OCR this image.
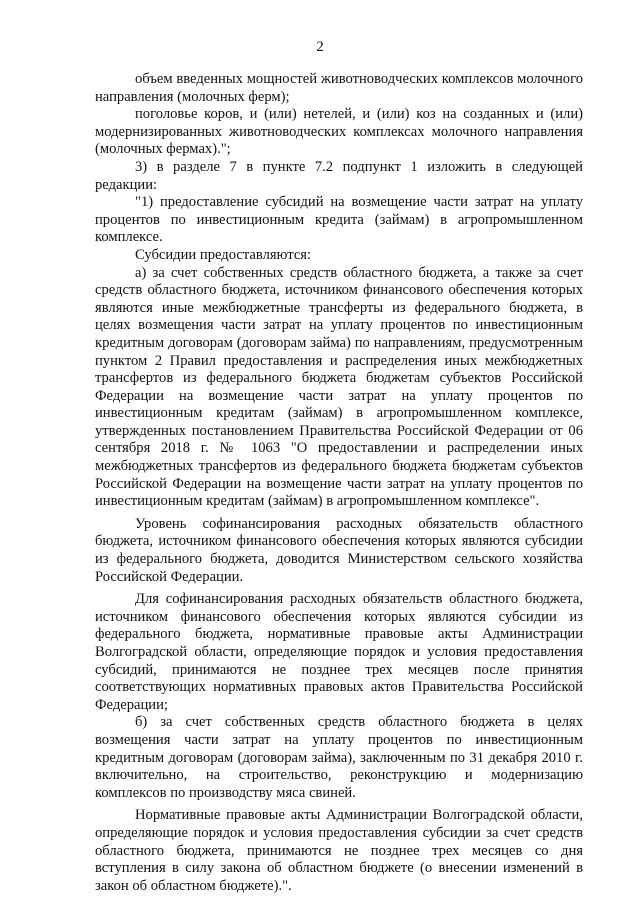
2

объем введенных мощностей животноводческих комплексов молочного направления (молочных ферм);

поголовье коров, и (или) нетелей, и (или) коз на созданных и (или) модернизированных животноводческих комплексах молочного направления (молочных фермах).";

3) в разделе 7 в пункте 7.2 подпункт 1 изложить в следующей редакции:

"1) предоставление субсидий на возмещение части затрат на уплату процентов по инвестиционным кредита (займам) в агропромышленном комплексе.

Субсидии предоставляются:

а) за счет собственных средств областного бюджета, а также за счет средств областного бюджета, источником финансового обеспечения которых являются иные межбюджетные трансферты из федерального бюджета, в целях возмещения части затрат на уплату процентов по инвестиционным кредитным договорам (договорам займа) по направлениям, предусмотренным пунктом 2 Правил предоставления и распределения иных межбюджетных трансфертов из федерального бюджета бюджетам субъектов Российской Федерации на возмещение части затрат на уплату процентов по инвестиционным кредитам (займам) в агропромышленном комплексе, утвержденных постановлением Правительства Российской Федерации от 06 сентября 2018 г. № 1063 "О предоставлении и распределении иных межбюджетных трансфертов из федерального бюджета бюджетам субъектов Российской Федерации на возмещение части затрат на уплату процентов по инвестиционным кредитам (займам) в агропромышленном комплексе".

Уровень софинансирования расходных обязательств областного бюджета, источником финансового обеспечения которых являются субсидии из федерального бюджета, доводится Министерством сельского хозяйства Российской Федерации.

Для софинансирования расходных обязательств областного бюджета, источником финансового обеспечения которых являются субсидии из федерального бюджета, нормативные правовые акты Администрации Волгоградской области, определяющие порядок и условия предоставления субсидий, принимаются не позднее трех месяцев после принятия соответствующих нормативных правовых актов Правительства Российской Федерации;

б) за счет собственных средств областного бюджета в целях возмещения части затрат на уплату процентов по инвестиционным кредитным договорам (договорам займа), заключенным по 31 декабря 2010 г. включительно, на строительство, реконструкцию и модернизацию комплексов по производству мяса свиней.

Нормативные правовые акты Администрации Волгоградской области, определяющие порядок и условия предоставления субсидии за счет средств областного бюджета, принимаются не позднее трех месяцев со дня вступления в силу закона об областном бюджете (о внесении изменений в закон об областном бюджете).".
